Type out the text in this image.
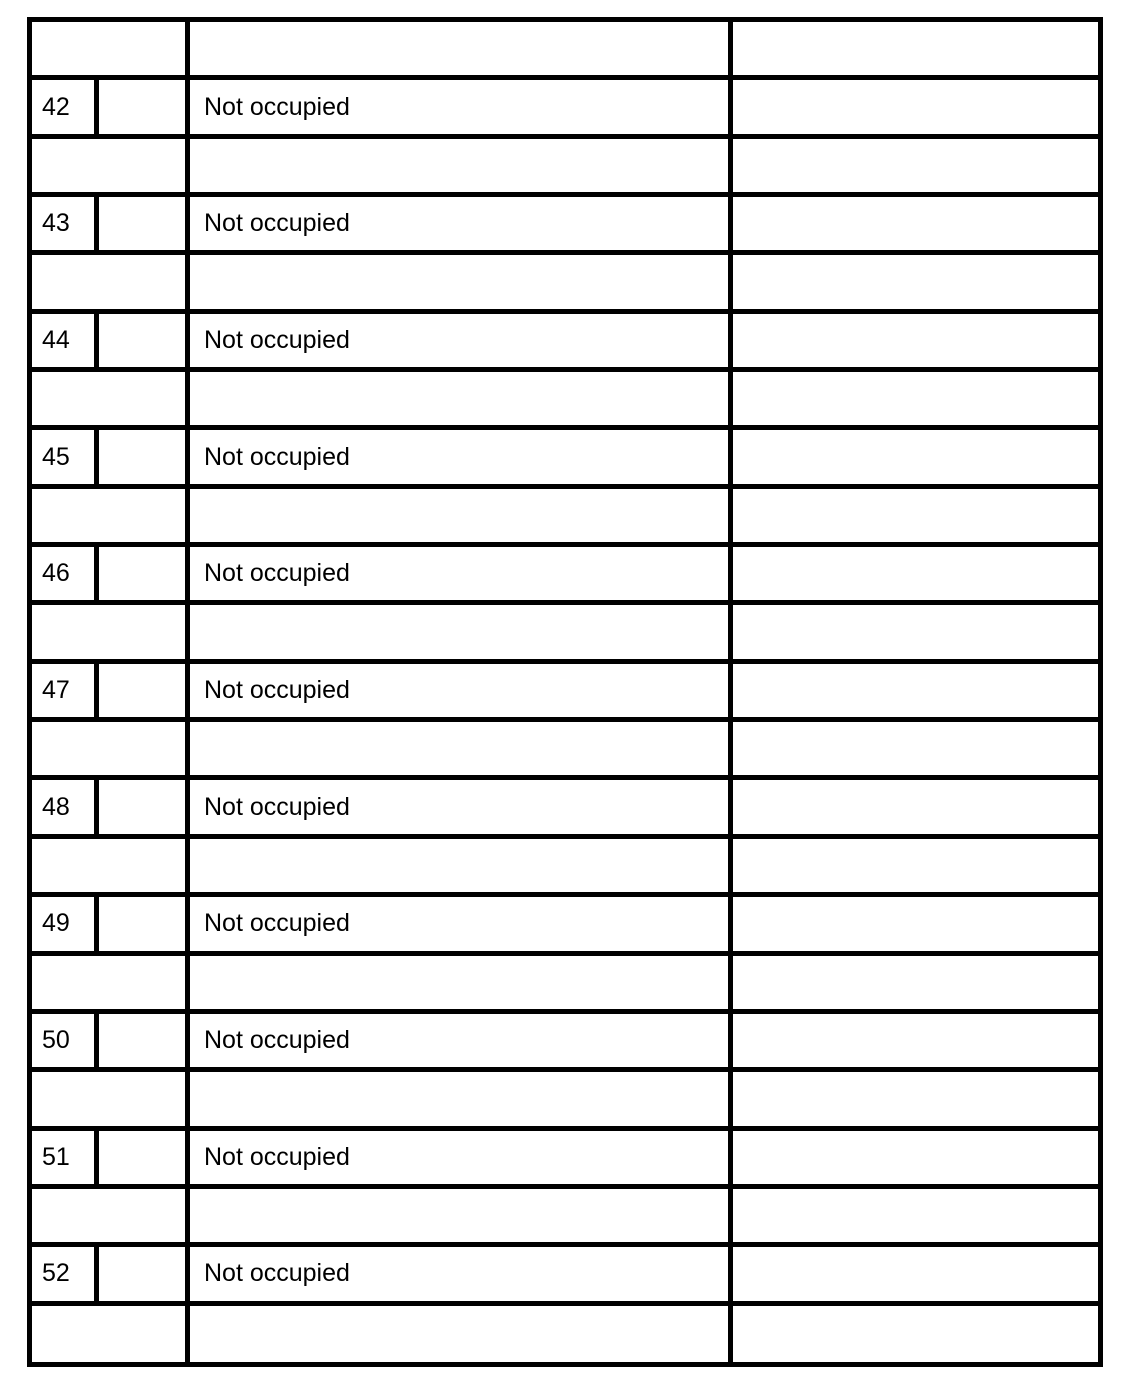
42	Not occupied
43	Not occupied
44	Not occupied
45	Not occupied
46	Not occupied
47	Not occupied
48	Not occupied
49	Not occupied
50	Not occupied
51	Not occupied
52	Not occupied
